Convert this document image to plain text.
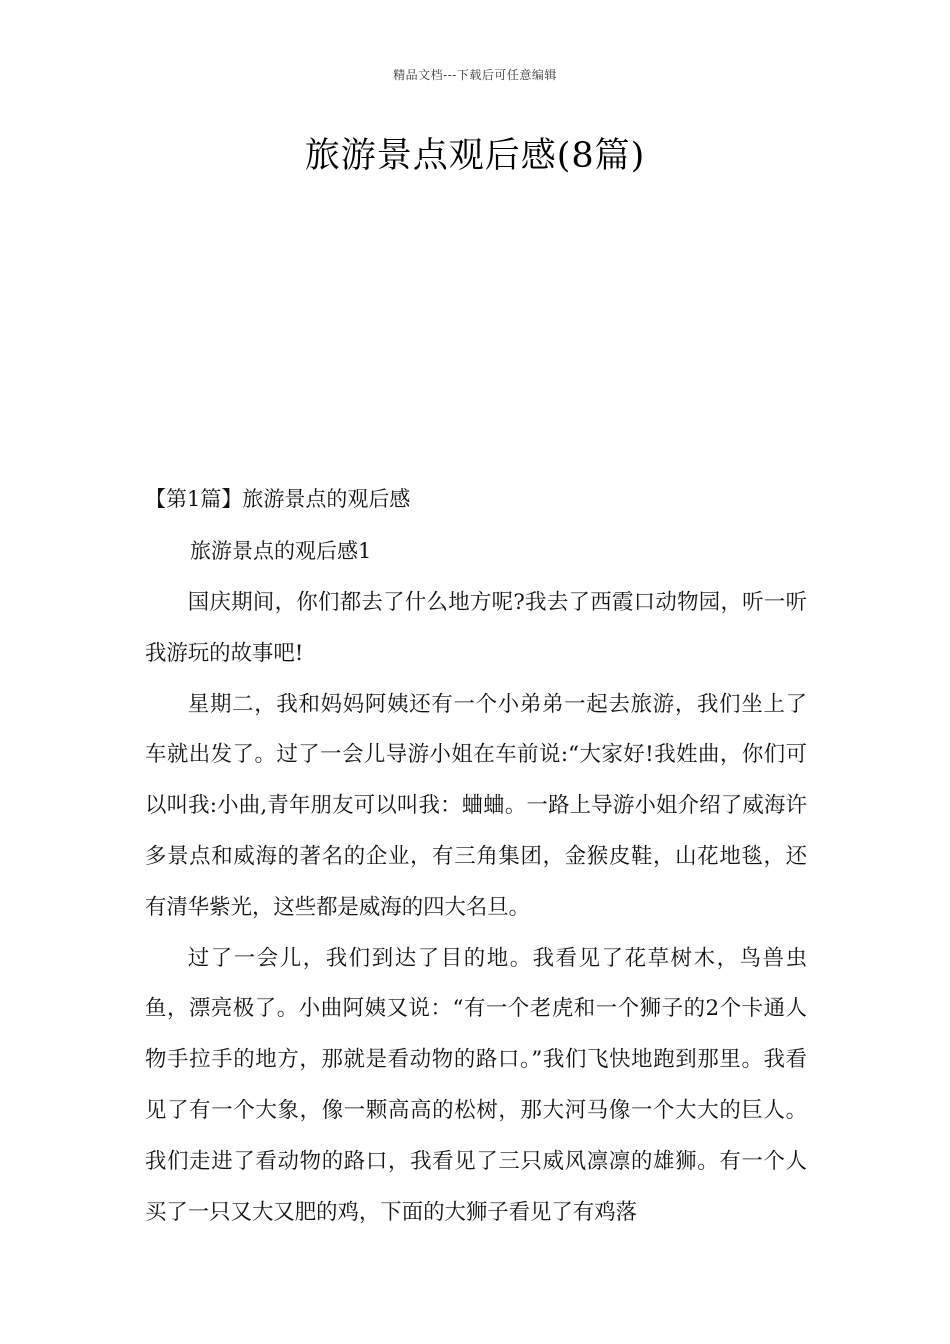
精品文档---下载后可任意编辑
旅游景点观后感(8篇)
【第1篇】旅游景点的观后感
旅游景点的观后感1

国庆期间，你们都去了什么地方呢?我去了西霞口动物园，听一听我游玩的故事吧!

星期二，我和妈妈阿姨还有一个小弟弟一起去旅游，我们坐上了车就出发了。过了一会儿导游小姐在车前说:“大家好!我姓曲，你们可以叫我:小曲,青年朋友可以叫我：蛐蛐。一路上导游小姐介绍了威海许多景点和威海的著名的企业，有三角集团，金猴皮鞋，山花地毯，还有清华紫光，这些都是威海的四大名旦。

过了一会儿，我们到达了目的地。我看见了花草树木，鸟兽虫鱼，漂亮极了。小曲阿姨又说：“有一个老虎和一个狮子的2个卡通人物手拉手的地方，那就是看动物的路口。”我们飞快地跑到那里。我看见了有一个大象，像一颗高高的松树，那大河马像一个大大的巨人。我们走进了看动物的路口，我看见了三只威风凛凛的雄狮。有一个人买了一只又大又肥的鸡，下面的大狮子看见了有鸡落
